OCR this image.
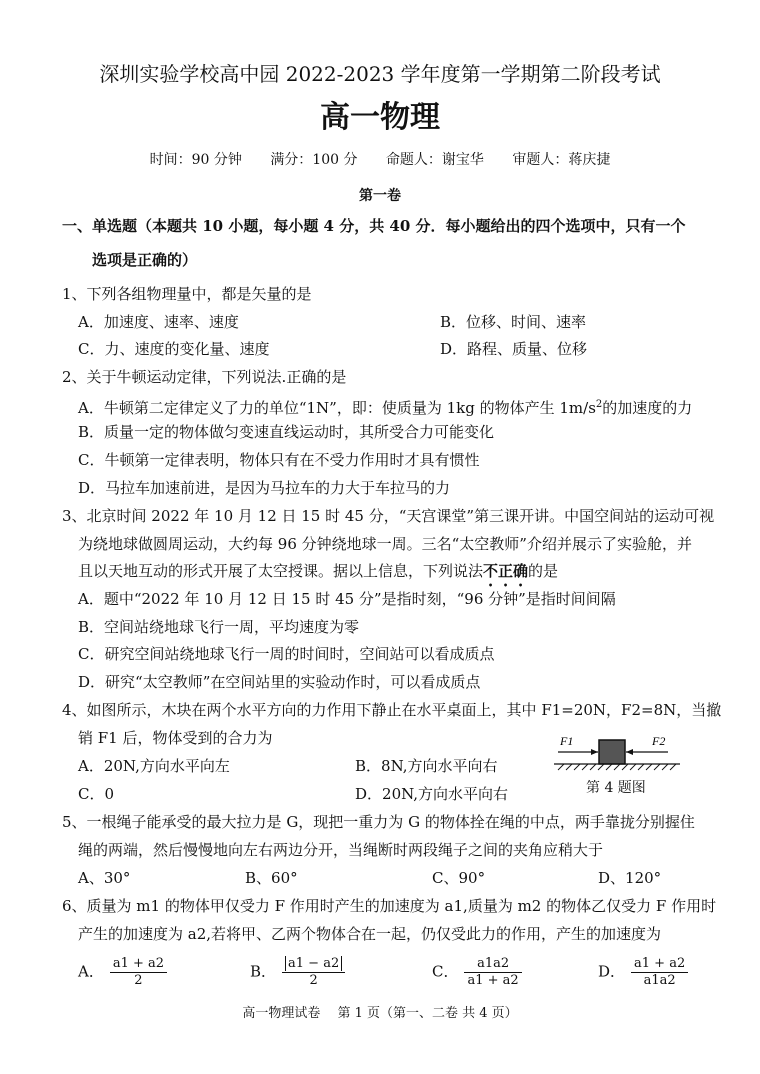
深圳实验学校高中园 2022-2023 学年度第一学期第二阶段考试
高一物理
时间：90 分钟 满分：100 分 命题人：谢宝华 审题人：蒋庆捷
第一卷
一、单选题（本题共 10 小题，每小题 4 分，共 40 分．每小题给出的四个选项中，只有一个
选项是正确的）
1、下列各组物理量中，都是矢量的是
A．加速度、速率、速度	B．位移、时间、速率
C．力、速度的变化量、速度	D．路程、质量、位移
2、关于牛顿运动定律，下列说法.正确的是
A．牛顿第二定律定义了力的单位“1N”，即：使质量为 1kg 的物体产生 $1m/s^2$的加速度的力
B．质量一定的物体做匀变速直线运动时，其所受合力可能变化
C．牛顿第一定律表明，物体只有在不受力作用时才具有惯性
D．马拉车加速前进，是因为马拉车的力大于车拉马的力
3、北京时间 2022 年 10 月 12 日 15 时 45 分，“天宫课堂”第三课开讲。中国空间站的运动可视
为绕地球做圆周运动，大约每 96 分钟绕地球一周。三名“太空教师”介绍并展示了实验舱，并
且以天地互动的形式开展了太空授课。据以上信息，下列说法不正确的是
A．题中“2022 年 10 月 12 日 15 时 45 分”是指时刻，“96 分钟”是指时间间隔
B．空间站绕地球飞行一周，平均速度为零
C．研究空间站绕地球飞行一周的时间时，空间站可以看成质点
D．研究“太空教师”在空间站里的实验动作时，可以看成质点
4、如图所示，木块在两个水平方向的力作用下静止在水平桌面上，其中 F1=20N，F2=8N，当撤
销 F1 后，物体受到的合力为
A．20N,方向水平向左	B．8N,方向水平向右
C．0	D．20N,方向水平向右
F1	F2
第 4 题图
5、一根绳子能承受的最大拉力是 G，现把一重力为 G 的物体拴在绳的中点，两手靠拢分别握住
绳的两端，然后慢慢地向左右两边分开，当绳断时两段绳子之间的夹角应稍大于
A、30°	B、60°	C、90°	D、120°
6、质量为 m1 的物体甲仅受力 F 作用时产生的加速度为 a1,质量为 m2 的物体乙仅受力 F 作用时
产生的加速度为 a2,若将甲、乙两个物体合在一起，仍仅受此力的作用，产生的加速度为
A． $\frac{a1 + a2}{2}$	B． $\frac{a1 - a2}{2}$	C． $\frac{a1a2}{a1 + a2}$	D． $\frac{a1 + a2}{a1a2}$
高一物理试卷　 第 1 页（第一、二卷 共 4 页）
